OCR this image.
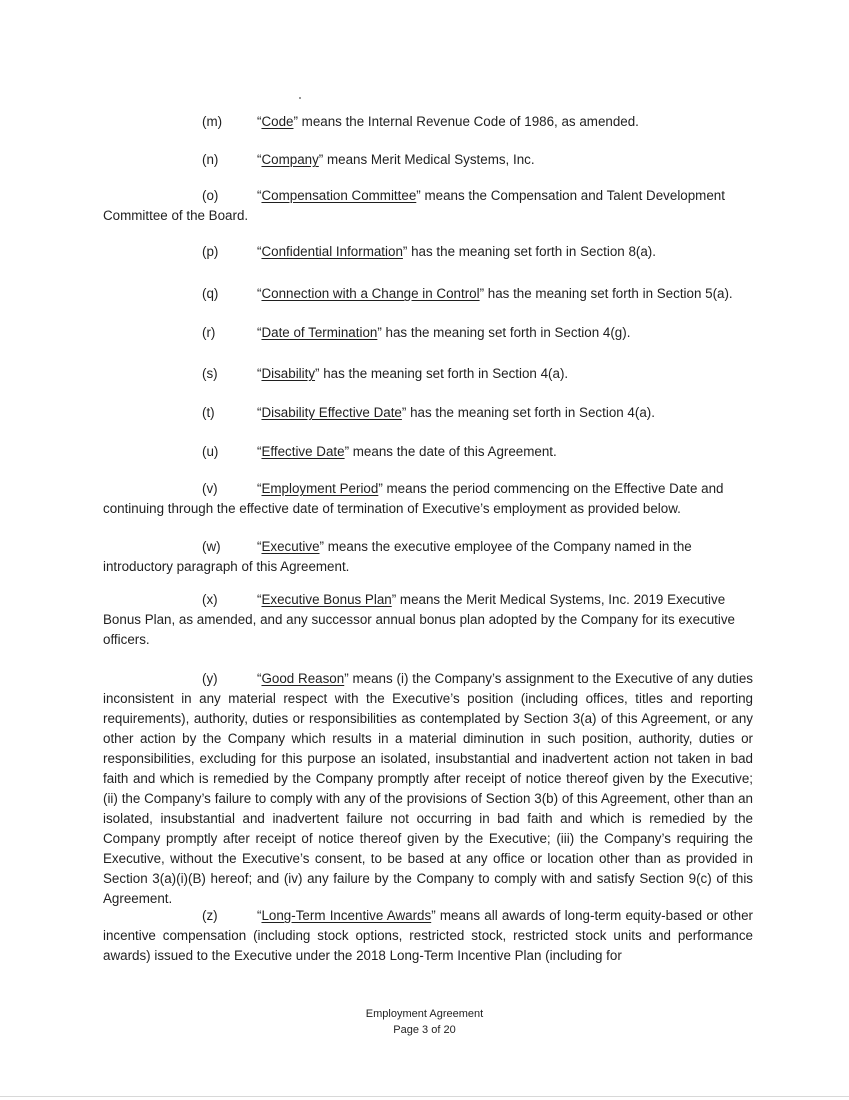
(m)	“Code” means the Internal Revenue Code of 1986, as amended.

(n)	“Company” means Merit Medical Systems, Inc.

(o)	“Compensation Committee” means the Compensation and Talent Development Committee of the Board.

(p)	“Confidential Information” has the meaning set forth in Section 8(a).

(q)	“Connection with a Change in Control” has the meaning set forth in Section 5(a).

(r)	“Date of Termination” has the meaning set forth in Section 4(g).

(s)	“Disability” has the meaning set forth in Section 4(a).

(t)	“Disability Effective Date” has the meaning set forth in Section 4(a).

(u)	“Effective Date” means the date of this Agreement.

(v)	“Employment Period” means the period commencing on the Effective Date and continuing through the effective date of termination of Executive’s employment as provided below.

(w)	“Executive” means the executive employee of the Company named in the introductory paragraph of this Agreement.

(x)	“Executive Bonus Plan” means the Merit Medical Systems, Inc. 2019 Executive Bonus Plan, as amended, and any successor annual bonus plan adopted by the Company for its executive officers.

(y)	“Good Reason” means (i) the Company’s assignment to the Executive of any duties inconsistent in any material respect with the Executive’s position (including offices, titles and reporting requirements), authority, duties or responsibilities as contemplated by Section 3(a) of this Agreement, or any other action by the Company which results in a material diminution in such position, authority, duties or responsibilities, excluding for this purpose an isolated, insubstantial and inadvertent action not taken in bad faith and which is remedied by the Company promptly after receipt of notice thereof given by the Executive; (ii) the Company’s failure to comply with any of the provisions of Section 3(b) of this Agreement, other than an isolated, insubstantial and inadvertent failure not occurring in bad faith and which is remedied by the Company promptly after receipt of notice thereof given by the Executive; (iii) the Company’s requiring the Executive, without the Executive’s consent, to be based at any office or location other than as provided in Section 3(a)(i)(B) hereof; and (iv) any failure by the Company to comply with and satisfy Section 9(c) of this Agreement.

(z)	“Long-Term Incentive Awards” means all awards of long-term equity-based or other incentive compensation (including stock options, restricted stock, restricted stock units and performance awards) issued to the Executive under the 2018 Long-Term Incentive Plan (including for

Employment Agreement
Page 3 of 20
